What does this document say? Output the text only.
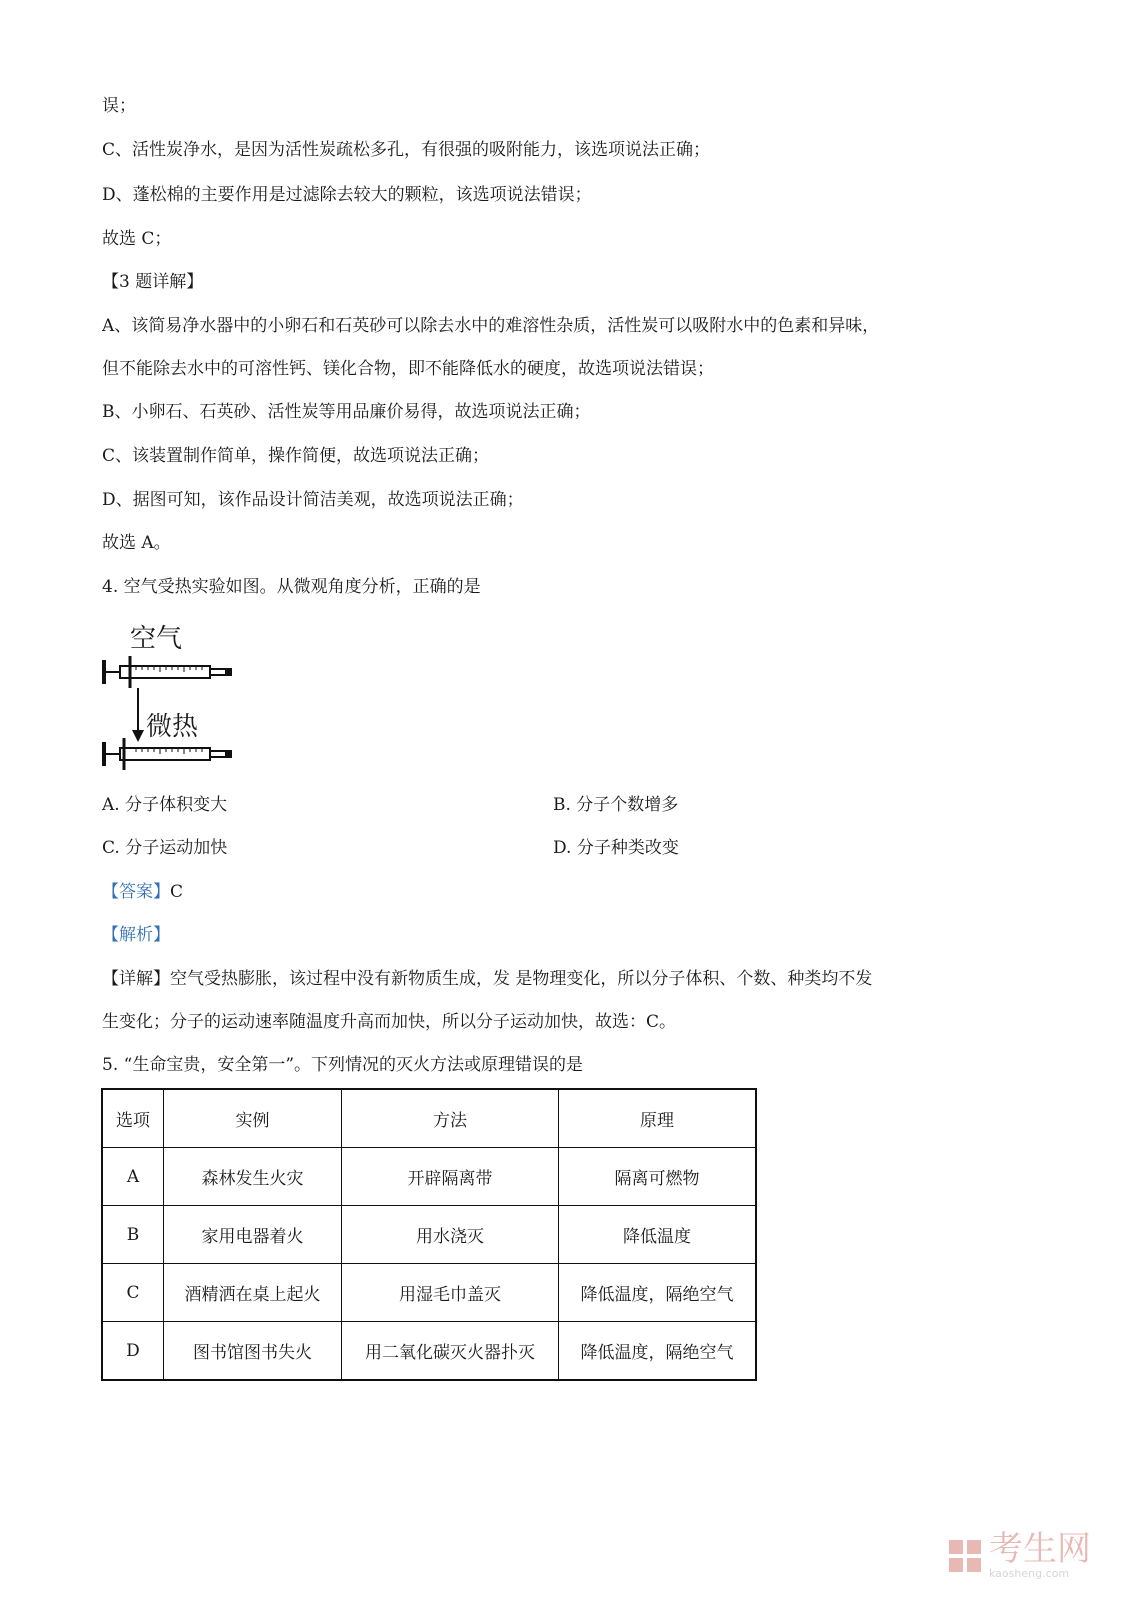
误；
C、活性炭净水，是因为活性炭疏松多孔，有很强的吸附能力，该选项说法正确；
D、蓬松棉的主要作用是过滤除去较大的颗粒，该选项说法错误；
故选 C；
【3 题详解】
A、该简易净水器中的小卵石和石英砂可以除去水中的难溶性杂质，活性炭可以吸附水中的色素和异味，
但不能除去水中的可溶性钙、镁化合物，即不能降低水的硬度，故选项说法错误；
B、小卵石、石英砂、活性炭等用品廉价易得，故选项说法正确；
C、该装置制作简单，操作简便，故选项说法正确；
D、据图可知，该作品设计简洁美观，故选项说法正确；
故选 A。
4. 空气受热实验如图。从微观角度分析，正确的是
空气
微热
A. 分子体积变大	B. 分子个数增多
C. 分子运动加快	D. 分子种类改变
【答案】C
【解析】
【详解】空气受热膨胀，该过程中没有新物质生成，发 是物理变化，所以分子体积、个数、种类均不发
生变化；分子的运动速率随温度升高而加快，所以分子运动加快，故选：C。
5. “生命宝贵，安全第一”。下列情况的灭火方法或原理错误的是
选项	实例	方法	原理
A	森林发生火灾	开辟隔离带	隔离可燃物
B	家用电器着火	用水浇灭	降低温度
C	酒精洒在桌上起火	用湿毛巾盖灭	降低温度，隔绝空气
D	图书馆图书失火	用二氧化碳灭火器扑灭	降低温度，隔绝空气
考生网
kaosheng.com
